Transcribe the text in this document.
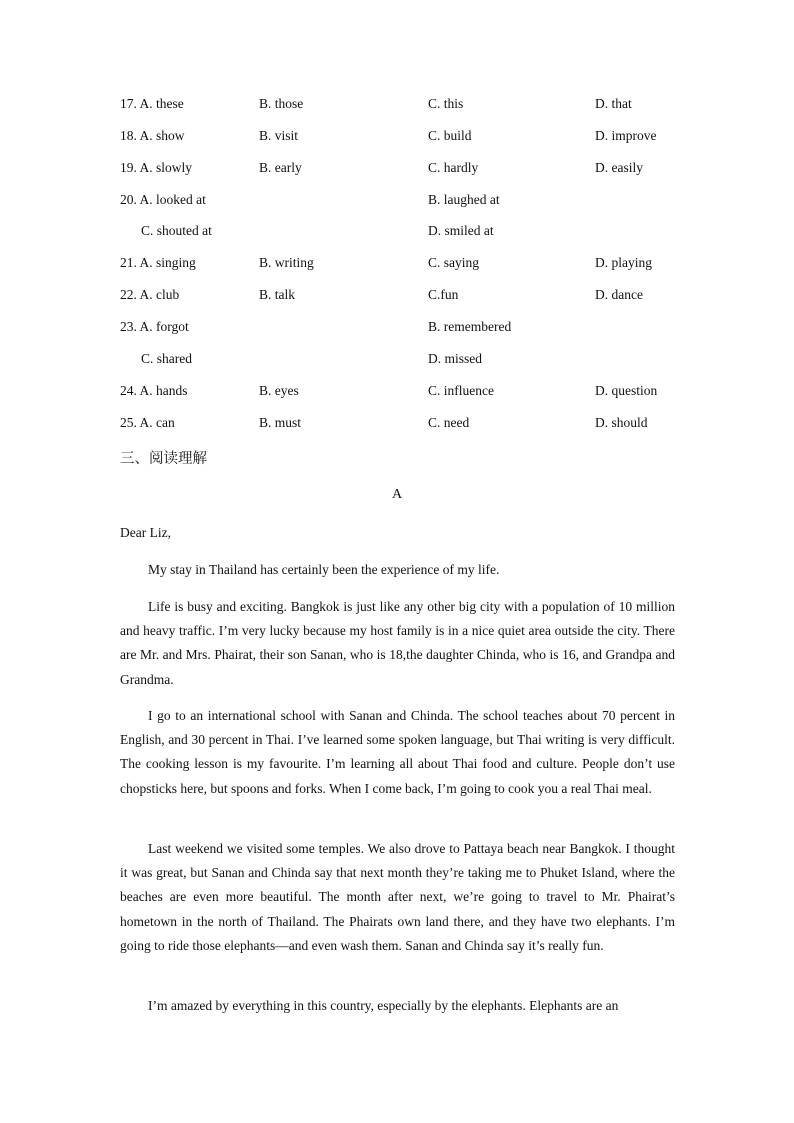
17. A. these	B. those	C. this	D. that
18. A. show	B. visit	C. build	D. improve
19. A. slowly	B. early	C. hardly	D. easily
20. A. looked at	B. laughed at
C. shouted at	D. smiled at
21. A. singing	B. writing	C. saying	D. playing
22. A. club	B. talk	C.fun	D. dance
23. A. forgot	B. remembered
C. shared	D. missed
24. A. hands	B. eyes	C. influence	D. question
25. A. can	B. must	C. need	D. should
三、阅读理解
A

Dear Liz,

My stay in Thailand has certainly been the experience of my life.

Life is busy and exciting. Bangkok is just like any other big city with a population of 10 million and heavy traffic. I’m very lucky because my host family is in a nice quiet area outside the city. There are Mr. and Mrs. Phairat, their son Sanan, who is 18,the daughter Chinda, who is 16, and Grandpa and Grandma.

I go to an international school with Sanan and Chinda. The school teaches about 70 percent in English, and 30 percent in Thai. I’ve learned some spoken language, but Thai writing is very difficult. The cooking lesson is my favourite. I’m learning all about Thai food and culture. People don’t use chopsticks here, but spoons and forks. When I come back, I’m going to cook you a real Thai meal.

Last weekend we visited some temples. We also drove to Pattaya beach near Bangkok. I thought it was great, but Sanan and Chinda say that next month they’re taking me to Phuket Island, where the beaches are even more beautiful. The month after next, we’re going to travel to Mr. Phairat’s hometown in the north of Thailand. The Phairats own land there, and they have two elephants. I’m going to ride those elephants—and even wash them. Sanan and Chinda say it’s really fun.

I’m amazed by everything in this country, especially by the elephants. Elephants are an
